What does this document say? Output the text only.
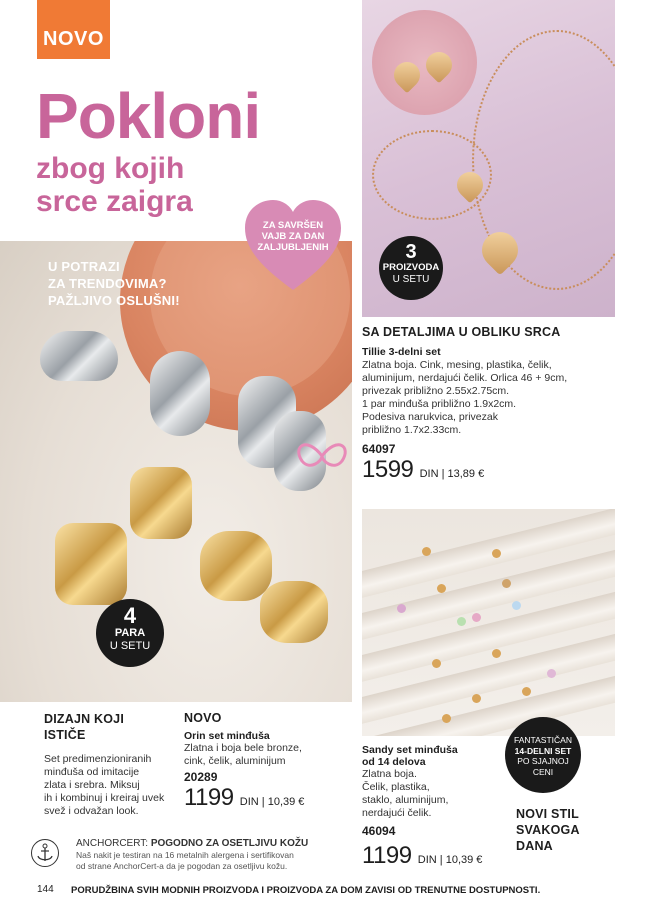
NOVO
Pokloni
zbog kojih
srce zaigra
U POTRAZI
ZA TRENDOVIMA?
PAŽLJIVO OSLUŠNI!
ZA SAVRŠEN
VAJB ZA DAN
ZALJUBLJENIH
4
PARA
U SETU
3
PROIZVODA
U SETU
SA DETALJIMA U OBLIKU SRCA
Tillie 3-delni set
Zlatna boja. Cink, mesing, plastika, čelik,
aluminijum, nerdajući čelik. Orlica 46 + 9cm,
privezak približno 2.55x2.75cm.
1 par minđuša približno 1.9x2cm.
Podesiva narukvica, privezak
približno 1.7x2.33cm.
64097
1599 DIN | 13,89 €
FANTASTIČAN
14-DELNI SET
PO SJAJNOJ
CENI
Sandy set minđuša
od 14 delova
Zlatna boja.
Čelik, plastika,
staklo, aluminijum,
nerdajući čelik.
46094
1199 DIN | 10,39 €
NOVI STIL
SVAKOGA
DANA
DIZAJN KOJI
ISTIČE
Set predimenzioniranih
minđuša od imitacije
zlata i srebra. Miksuj
ih i kombinuj i kreiraj uvek
svež i odvažan look.
NOVO
Orin set minđuša
Zlatna i boja bele bronze,
cink, čelik, aluminijum
20289
1199 DIN | 10,39 €
ANCHORCERT: POGODNO ZA OSETLJIVU KOŽU
Naš nakit je testiran na 16 metalnih alergena i sertifikovan
od strane AnchorCert-a da je pogodan za osetljivu kožu.
144 PORUDŽBINA SVIH MODNIH PROIZVODA I PROIZVODA ZA DOM ZAVISI OD TRENUTNE DOSTUPNOSTI.
